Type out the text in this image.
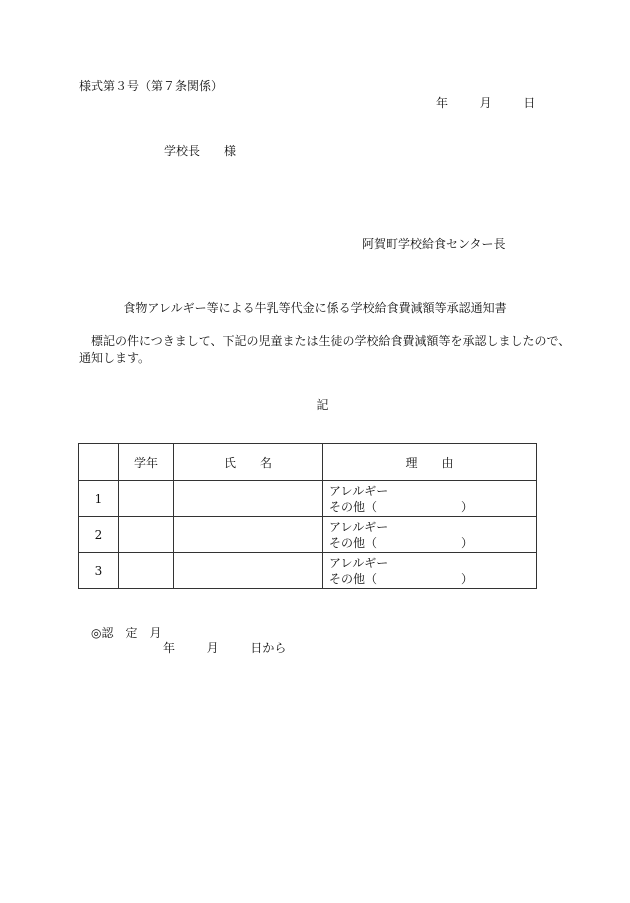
様式第３号（第７条関係）
年	月	日
学校長　　様
阿賀町学校給食センター長
食物アレルギー等による牛乳等代金に係る学校給食費減額等承認通知書
標記の件につきまして、下記の児童または生徒の学校給食費減額等を承認しましたので、通知します。
記
	学年	氏　　名	理　　由
1			アレルギー
その他（ ）

2			アレルギー
その他（ ）

3			アレルギー
その他（ ）
◎認　定　月
年	月	日から
